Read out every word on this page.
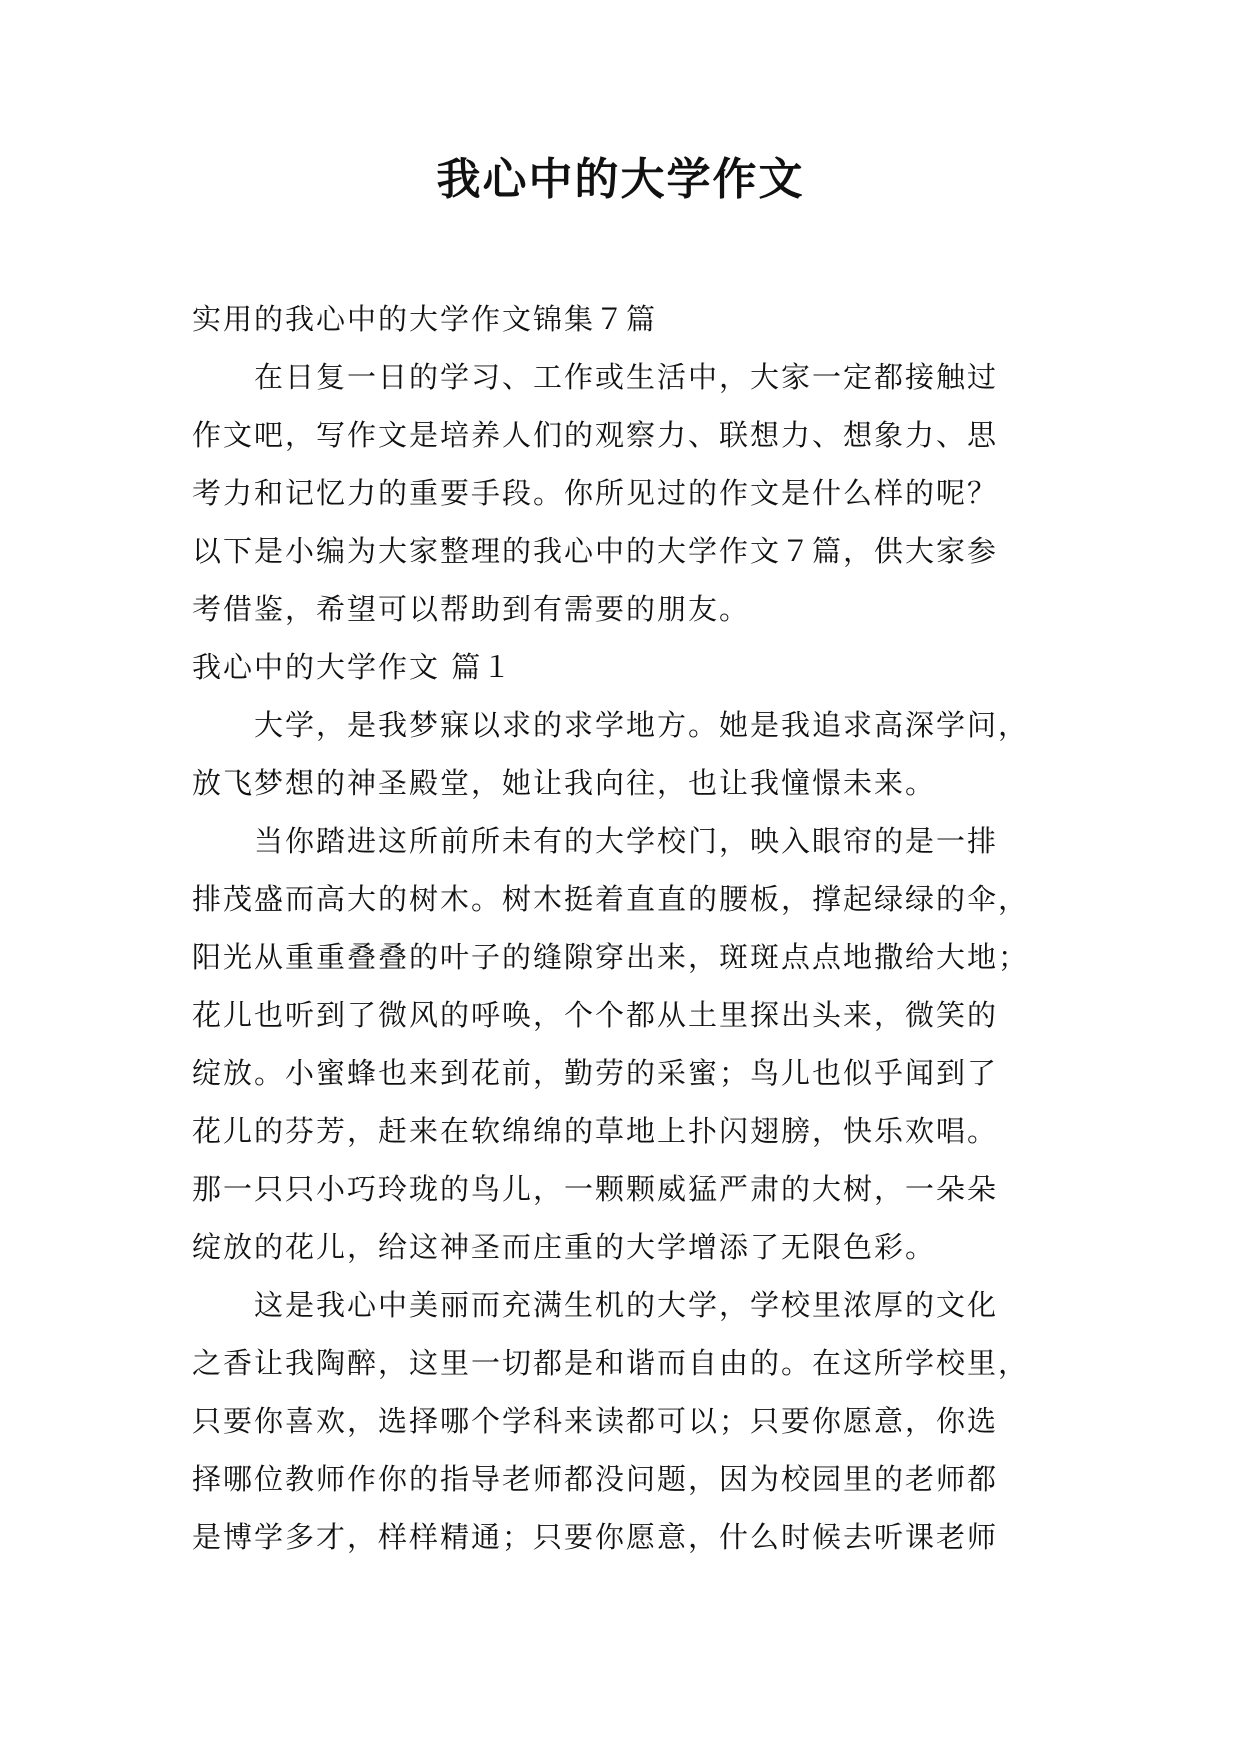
我心中的大学作文

实用的我心中的大学作文锦集７篇

在日复一日的学习、工作或生活中，大家一定都接触过

作文吧，写作文是培养人们的观察力、联想力、想象力、思

考力和记忆力的重要手段。你所见过的作文是什么样的呢？

以下是小编为大家整理的我心中的大学作文７篇，供大家参

考借鉴，希望可以帮助到有需要的朋友。

我心中的大学作文 篇１

大学，是我梦寐以求的求学地方。她是我追求高深学问，

放飞梦想的神圣殿堂，她让我向往，也让我憧憬未来。

当你踏进这所前所未有的大学校门，映入眼帘的是一排

排茂盛而高大的树木。树木挺着直直的腰板，撑起绿绿的伞，

阳光从重重叠叠的叶子的缝隙穿出来，斑斑点点地撒给大地；

花儿也听到了微风的呼唤，个个都从土里探出头来，微笑的

绽放。小蜜蜂也来到花前，勤劳的采蜜；鸟儿也似乎闻到了

花儿的芬芳，赶来在软绵绵的草地上扑闪翅膀，快乐欢唱。

那一只只小巧玲珑的鸟儿，一颗颗威猛严肃的大树，一朵朵

绽放的花儿，给这神圣而庄重的大学增添了无限色彩。

这是我心中美丽而充满生机的大学，学校里浓厚的文化

之香让我陶醉，这里一切都是和谐而自由的。在这所学校里，

只要你喜欢，选择哪个学科来读都可以；只要你愿意，你选

择哪位教师作你的指导老师都没问题，因为校园里的老师都

是博学多才，样样精通；只要你愿意，什么时候去听课老师
